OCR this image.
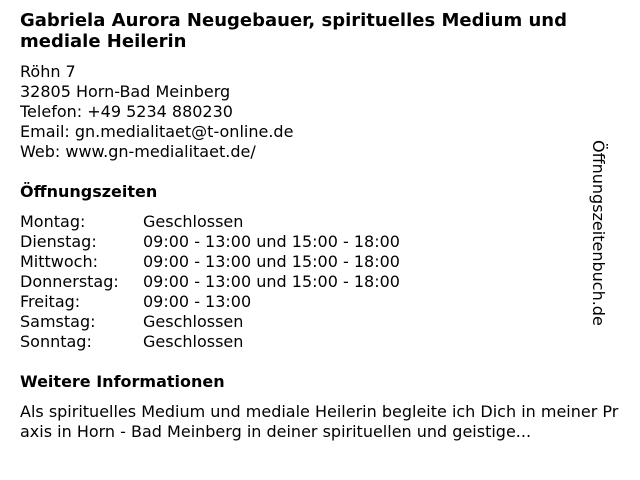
Gabriela Aurora Neugebauer, spirituelles Medium und mediale Heilerin
Röhn 7
32805 Horn-Bad Meinberg
Telefon: +49 5234 880230
Email: gn.medialitaet@t-online.de
Web: www.gn-medialitaet.de/
Öffnungszeiten
Montag:	Geschlossen
Dienstag:	09:00 - 13:00 und 15:00 - 18:00
Mittwoch:	09:00 - 13:00 und 15:00 - 18:00
Donnerstag:	09:00 - 13:00 und 15:00 - 18:00
Freitag:	09:00 - 13:00
Samstag:	Geschlossen
Sonntag:	Geschlossen
Weitere Informationen
Als spirituelles Medium und mediale Heilerin begleite ich Dich in meiner Praxis in Horn - Bad Meinberg in deiner spirituellen und geistige...
Öffnungszeitenbuch.de
